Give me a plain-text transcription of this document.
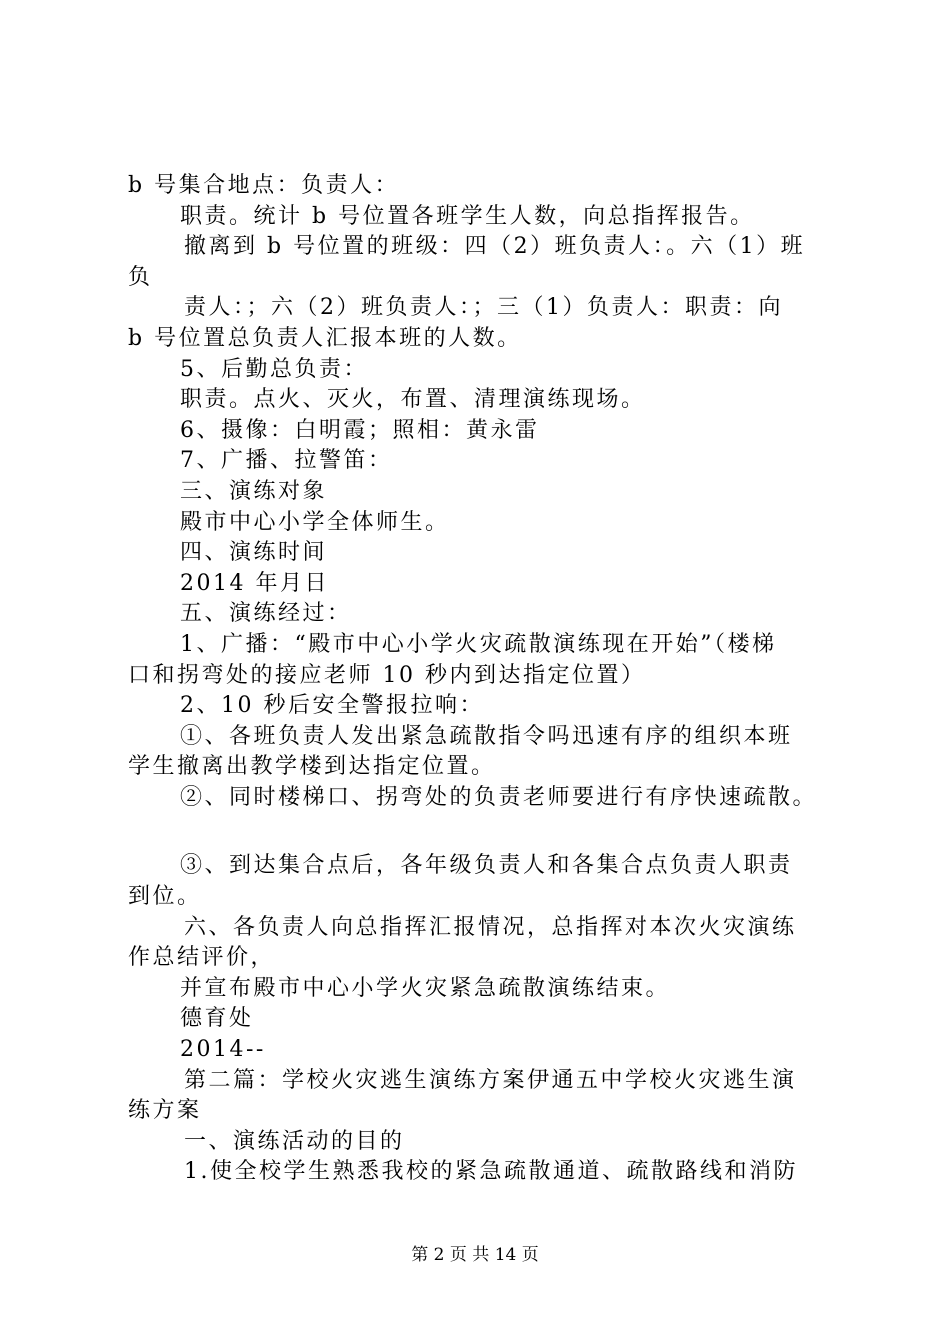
b 号集合地点：负责人：
职责。统计 b 号位置各班学生人数，向总指挥报告。
撤离到 b 号位置的班级：四（2）班负责人：。六（1）班
负
责人：；六（2）班负责人：；三（1）负责人：职责：向
b 号位置总负责人汇报本班的人数。
5、后勤总负责：
职责。点火、灭火，布置、清理演练现场。
6、摄像：白明霞；照相：黄永雷
7、广播、拉警笛：
三、演练对象
殿市中心小学全体师生。
四、演练时间
2014 年月日
五、演练经过：
1、广播：“殿市中心小学火灾疏散演练现在开始”（楼梯
口和拐弯处的接应老师 10 秒内到达指定位置）
2、10 秒后安全警报拉响：
①、各班负责人发出紧急疏散指令吗迅速有序的组织本班
学生撤离出教学楼到达指定位置。
②、同时楼梯口、拐弯处的负责老师要进行有序快速疏散。
③、到达集合点后，各年级负责人和各集合点负责人职责
到位。
六、各负责人向总指挥汇报情况，总指挥对本次火灾演练
作总结评价，
并宣布殿市中心小学火灾紧急疏散演练结束。
德育处
2014--
第二篇：学校火灾逃生演练方案伊通五中学校火灾逃生演
练方案
一、演练活动的目的
1.使全校学生熟悉我校的紧急疏散通道、疏散路线和消防
第 2 页 共 14 页
